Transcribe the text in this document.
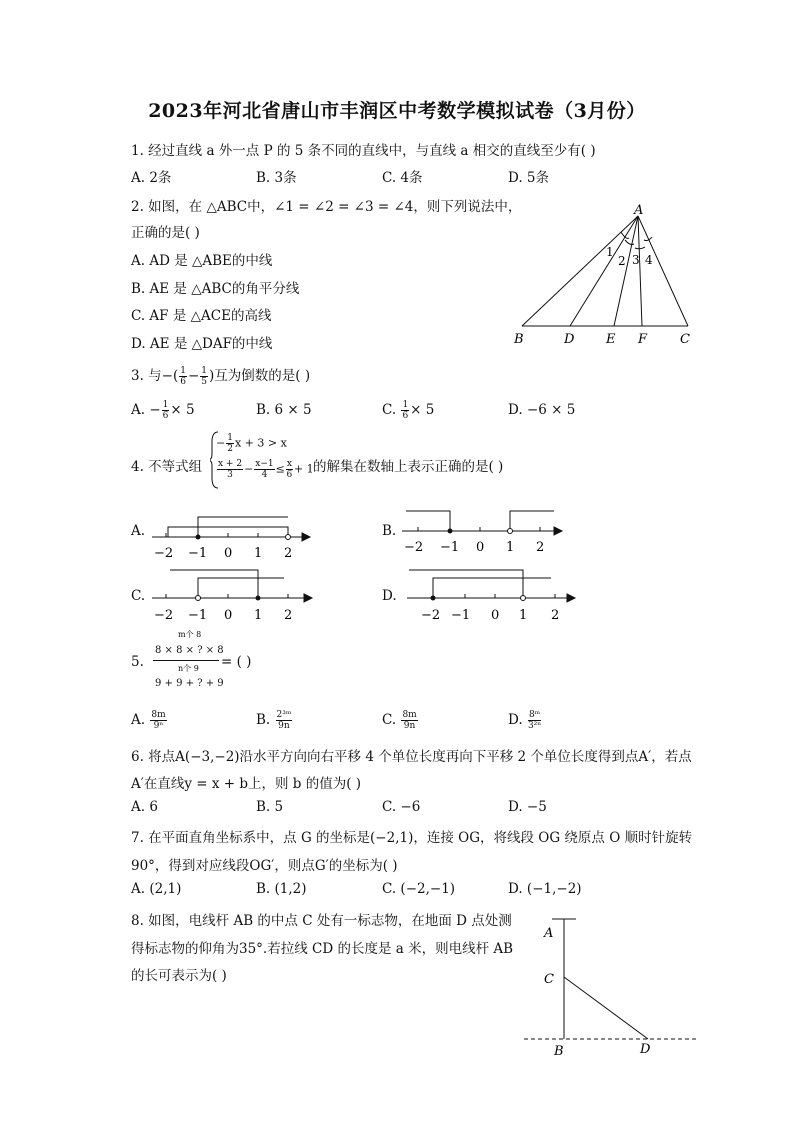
2023年河北省唐山市丰润区中考数学模拟试卷（3月份）
1. 经过直线 a 外一点 P 的 5 条不同的直线中，与直线 a 相交的直线至少有( )
A. 2条	B. 3条	C. 4条	D. 5条
2. 如图，在 △ABC中，∠1 = ∠2 = ∠3 = ∠4，则下列说法中，
正确的是( )
A. AD 是 △ABE的中线
B. AE 是 △ABC的角平分线
C. AF 是 △ACE的高线
D. AE 是 △DAF的中线
A
B	D E F	C
1
2 3 4
3. 与−( $\frac{1}{6} - \frac{1}{5}$ )互为倒数的是( )
A. − $\frac{1}{6} \times 5$	B. 6 × 5	C. $\frac{1}{6} \times 5$	D. −6 × 5
4. 不等式组
− $\frac{1}{2}$ x + 3 > x
$\frac{x + 2}{3} - \frac{x-1}{4} \le \frac{x}{6} + 1$ 的解集在数轴上表示正确的是( )
A.
−2 −1 0 1 2
B.
−2 −1 0 1 2
C.
−2 −1 0 1 2
D.
−2 −1 0 1 2
5.
m个 8
8 × 8 × ? × 8
n个 9
9 + 9 + ? + 9
= ( )
A. $\frac{8m}{\text{9ⁿ}}$	B. $\frac{\text{2³ᵐ}}{9n}$	C. $\frac{8m}{9n}$	D. $\frac{\text{8ᵐ}}{\text{3²ⁿ}}$
6. 将点A(−3,−2)沿水平方向向右平移 4 个单位长度再向下平移 2 个单位长度得到点A′，若点
A′在直线y = x + b上，则 b 的值为( )
A. 6	B. 5	C. −6	D. −5
7. 在平面直角坐标系中，点 G 的坐标是(−2,1)，连接 OG，将线段 OG 绕原点 O 顺时针旋转
90°，得到对应线段OG′，则点G′的坐标为( )
A. (2,1)	B. (1,2)	C. (−2,−1)	D. (−1,−2)
8. 如图，电线杆 AB 的中点 C 处有一标志物，在地面 D 点处测
得标志物的仰角为35°.若拉线 CD 的长度是 a 米，则电线杆 AB
的长可表示为( )
A
C
B	D
